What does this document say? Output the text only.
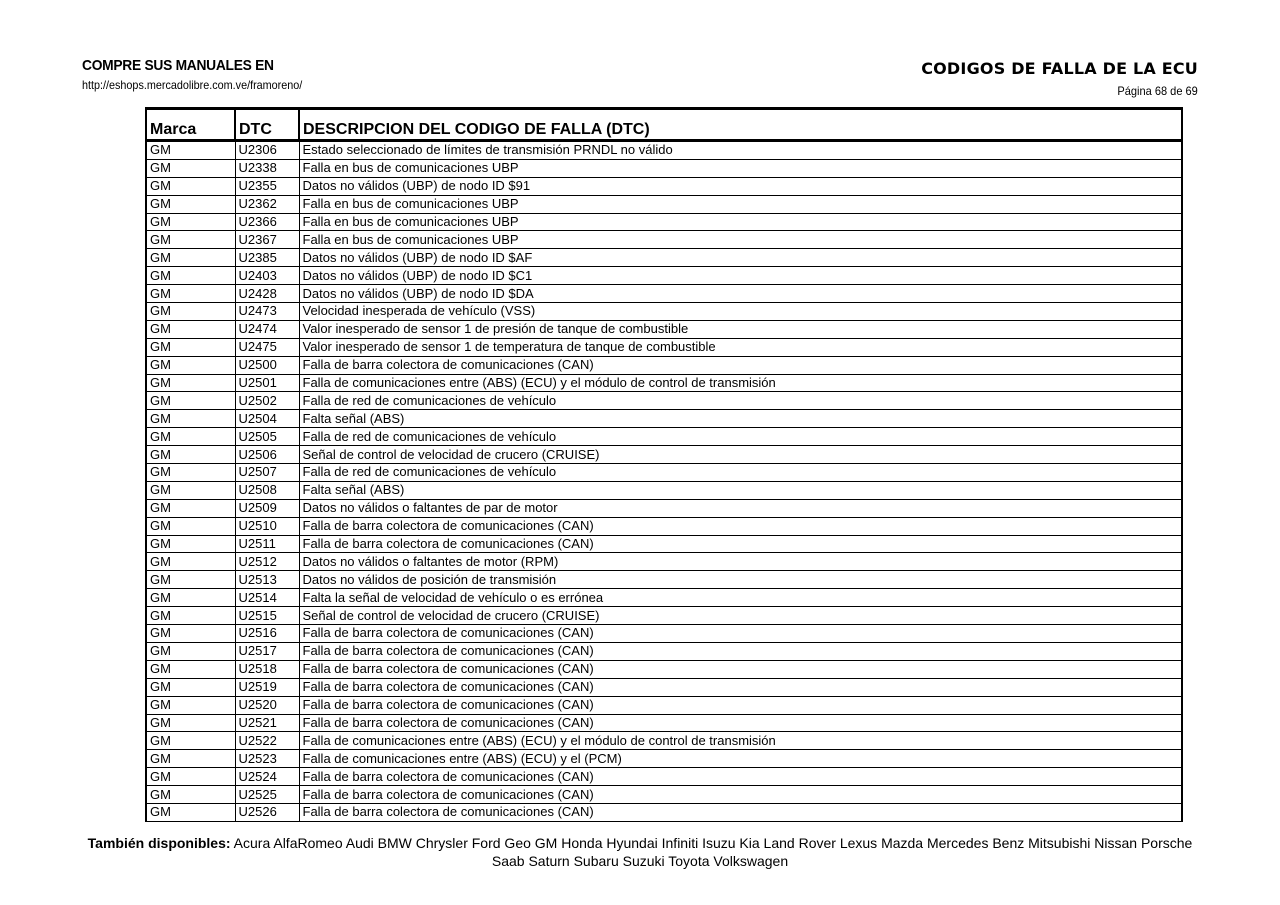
COMPRE SUS MANUALES EN
http://eshops.mercadolibre.com.ve/framoreno/
CODIGOS DE FALLA DE LA ECU
Página 68 de 69
Marca	DTC	DESCRIPCION DEL CODIGO DE FALLA (DTC)
GM	U2306	Estado seleccionado de límites de transmisión PRNDL no válido
GM	U2338	Falla en bus de comunicaciones UBP
GM	U2355	Datos no válidos (UBP) de nodo ID $91
GM	U2362	Falla en bus de comunicaciones UBP
GM	U2366	Falla en bus de comunicaciones UBP
GM	U2367	Falla en bus de comunicaciones UBP
GM	U2385	Datos no válidos (UBP) de nodo ID $AF
GM	U2403	Datos no válidos (UBP) de nodo ID $C1
GM	U2428	Datos no válidos (UBP) de nodo ID $DA
GM	U2473	Velocidad inesperada de vehículo (VSS)
GM	U2474	Valor inesperado de sensor 1 de presión de tanque de combustible
GM	U2475	Valor inesperado de sensor 1 de temperatura de tanque de combustible
GM	U2500	Falla de barra colectora de comunicaciones (CAN)
GM	U2501	Falla de comunicaciones entre (ABS) (ECU) y el módulo de control de transmisión
GM	U2502	Falla de red de comunicaciones de vehículo
GM	U2504	Falta señal (ABS)
GM	U2505	Falla de red de comunicaciones de vehículo
GM	U2506	Señal de control de velocidad de crucero (CRUISE)
GM	U2507	Falla de red de comunicaciones de vehículo
GM	U2508	Falta señal (ABS)
GM	U2509	Datos no válidos o faltantes de par de motor
GM	U2510	Falla de barra colectora de comunicaciones (CAN)
GM	U2511	Falla de barra colectora de comunicaciones (CAN)
GM	U2512	Datos no válidos o faltantes de motor (RPM)
GM	U2513	Datos no válidos de posición de transmisión
GM	U2514	Falta la señal de velocidad de vehículo o es errónea
GM	U2515	Señal de control de velocidad de crucero (CRUISE)
GM	U2516	Falla de barra colectora de comunicaciones (CAN)
GM	U2517	Falla de barra colectora de comunicaciones (CAN)
GM	U2518	Falla de barra colectora de comunicaciones (CAN)
GM	U2519	Falla de barra colectora de comunicaciones (CAN)
GM	U2520	Falla de barra colectora de comunicaciones (CAN)
GM	U2521	Falla de barra colectora de comunicaciones (CAN)
GM	U2522	Falla de comunicaciones entre (ABS) (ECU) y el módulo de control de transmisión
GM	U2523	Falla de comunicaciones entre (ABS) (ECU) y el (PCM)
GM	U2524	Falla de barra colectora de comunicaciones (CAN)
GM	U2525	Falla de barra colectora de comunicaciones (CAN)
GM	U2526	Falla de barra colectora de comunicaciones (CAN)
También disponibles: Acura AlfaRomeo Audi BMW Chrysler Ford Geo GM Honda Hyundai Infiniti Isuzu Kia Land Rover Lexus Mazda Mercedes Benz Mitsubishi Nissan Porsche Saab Saturn Subaru Suzuki Toyota Volkswagen
